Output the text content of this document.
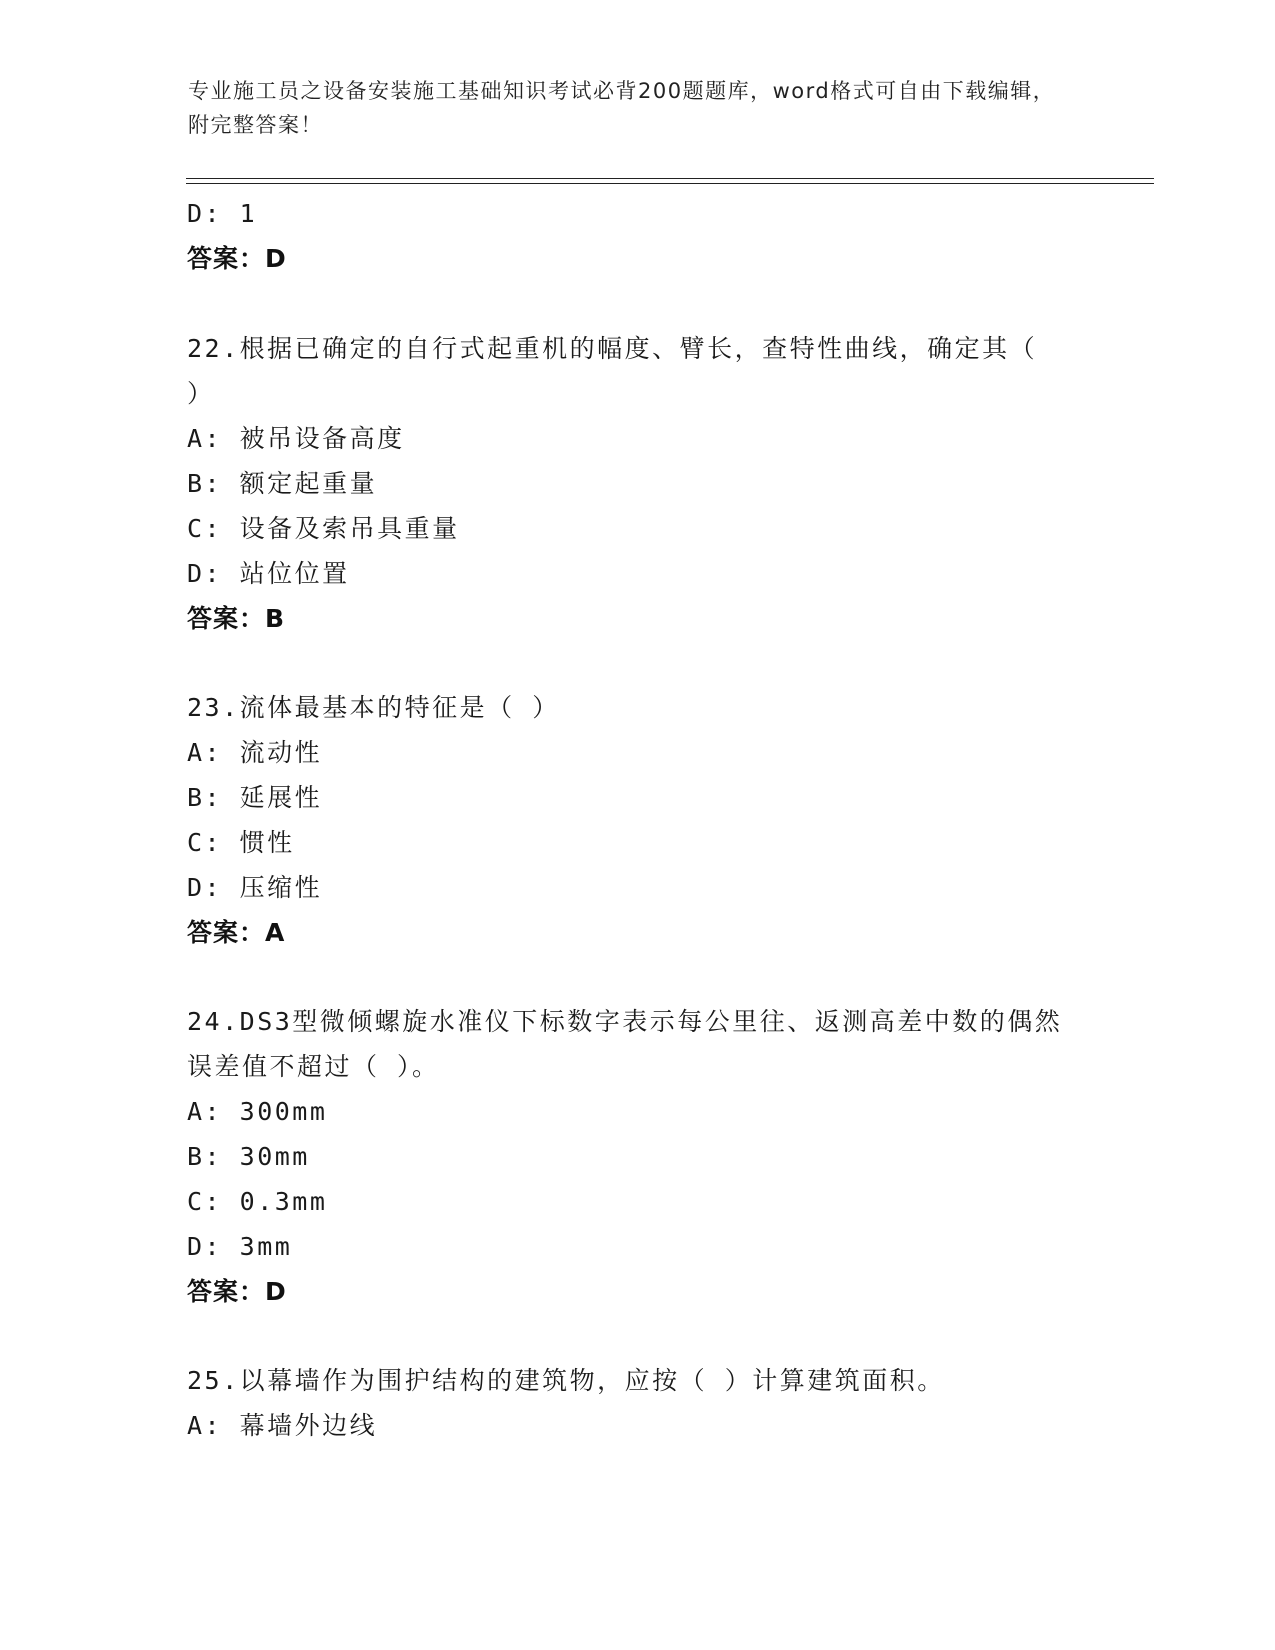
专业施工员之设备安装施工基础知识考试必背200题题库，word格式可自由下载编辑，附完整答案！
D: 1
答案：D
22.根据已确定的自行式起重机的幅度、臂长，查特性曲线，确定其（ ）
A: 被吊设备高度
B: 额定起重量
C: 设备及索吊具重量
D: 站位位置
答案：B
23.流体最基本的特征是（ ）
A: 流动性
B: 延展性
C: 惯性
D: 压缩性
答案：A
24.DS3型微倾螺旋水准仪下标数字表示每公里往、返测高差中数的偶然误差值不超过（ ）。
A: 300mm
B: 30mm
C: 0.3mm
D: 3mm
答案：D
25.以幕墙作为围护结构的建筑物，应按（ ）计算建筑面积。
A: 幕墙外边线
